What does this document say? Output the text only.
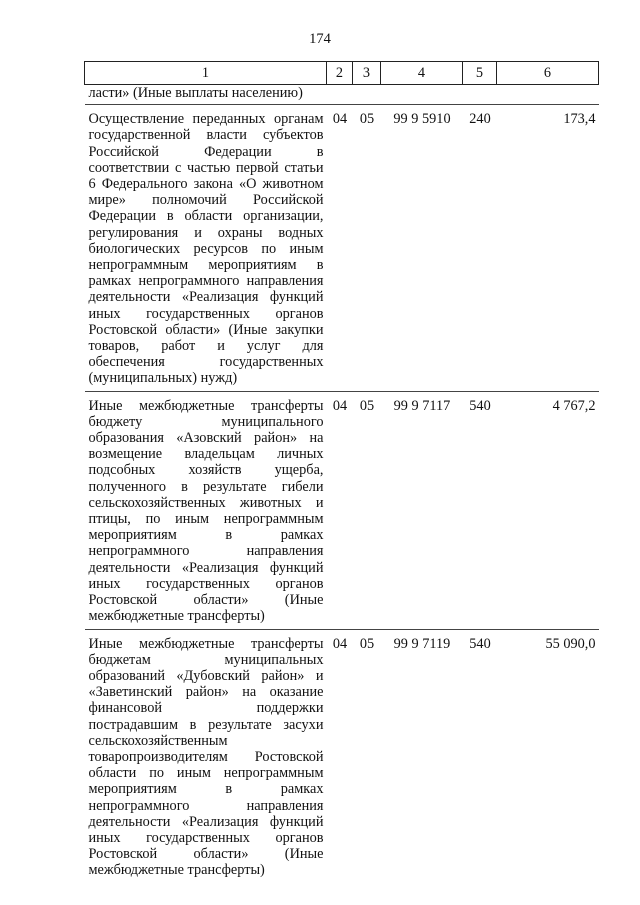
174
1	2	3	4	5	6
ласти» (Иные выплаты населению)					
Осуществление переданных органам государственной власти субъектов Российской Федерации в соответствии с частью первой статьи 6 Федерального закона «О животном мире» полномочий Российской Федерации в области организации, регулирования и охраны водных биологических ресурсов по иным непрограммным мероприятиям в рамках непрограммного направления деятельности «Реализация функций иных государственных органов Ростовской области» (Иные закупки товаров, работ и услуг для обеспечения государственных (муниципальных) нужд)	04	05	99 9 5910	240	173,4
Иные межбюджетные трансферты бюджету муниципального образования «Азовский район» на возмещение владельцам личных подсобных хозяйств ущерба, полученного в результате гибели сельскохозяйственных животных и птицы, по иным непрограммным мероприятиям в рамках непрограммного направления деятельности «Реализация функций иных государственных органов Ростовской области» (Иные межбюджетные трансферты)	04	05	99 9 7117	540	4 767,2
Иные межбюджетные трансферты бюджетам муниципальных образований «Дубовский район» и «Заветинский район» на оказание финансовой поддержки пострадавшим в результате засухи сельскохозяйственным товаропроизводителям Ростовской области по иным непрограммным мероприятиям в рамках непрограммного направления деятельности «Реализация функций иных государственных органов Ростовской области» (Иные межбюджетные трансферты)	04	05	99 9 7119	540	55 090,0
